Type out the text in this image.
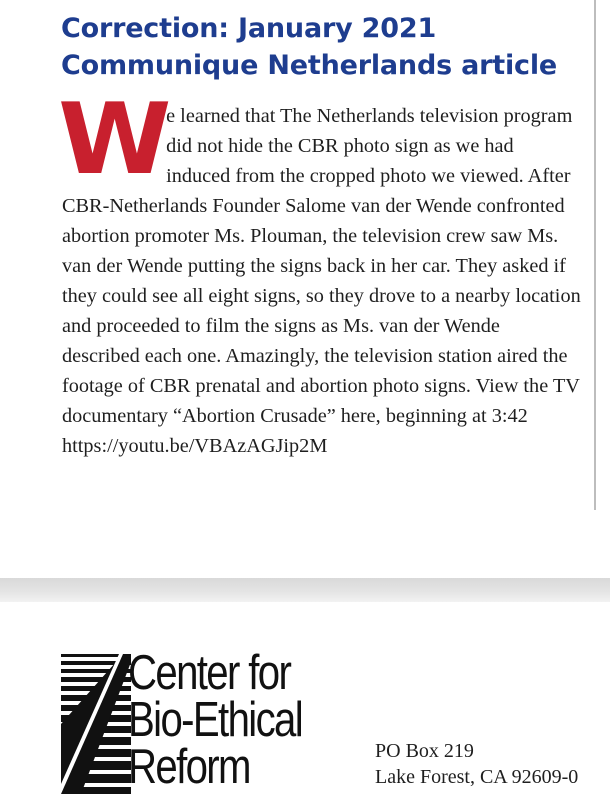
Correction: January 2021
Communique Netherlands article
W e learned that The Netherlands television program did not hide the CBR photo sign as we had induced from the cropped photo we viewed. After CBR-Netherlands Founder Salome van der Wende confronted abortion promoter Ms. Plouman, the television crew saw Ms. van der Wende putting the signs back in her car. They asked if they could see all eight signs, so they drove to a nearby location and proceeded to film the signs as Ms. van der Wende described each one. Amazingly, the television station aired the footage of CBR prenatal and abortion photo signs. View the TV documentary “Abortion Crusade” here, beginning at 3:42 https://youtu.be/VBAzAGJip2M

Center for
Bio-Ethical
Reform	PO Box 219
Lake Forest, CA 92609-0
